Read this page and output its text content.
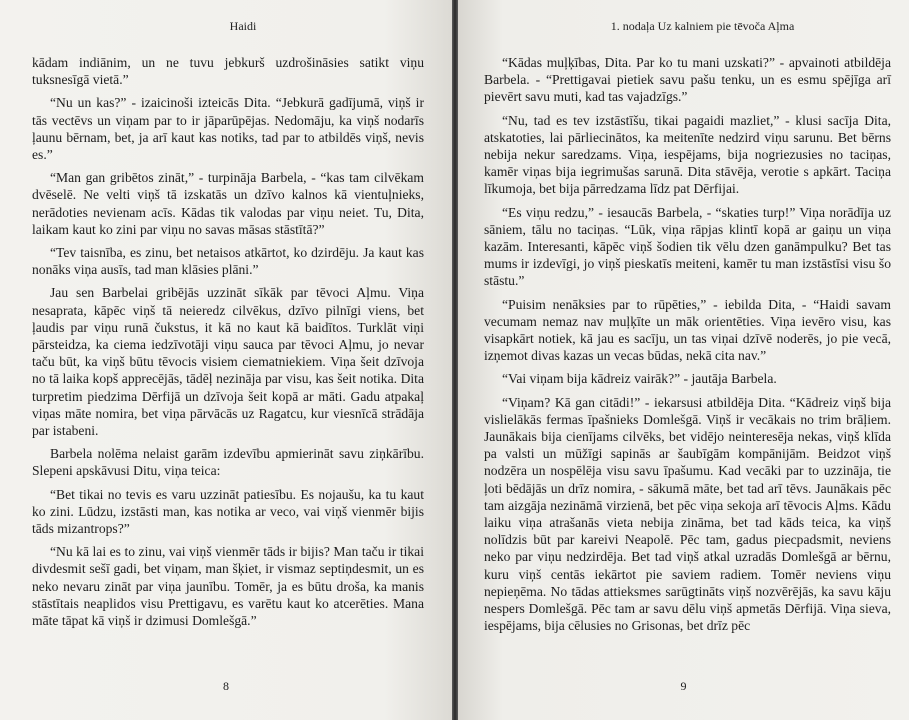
Haidi

kādam indiānim, un ne tuvu jebkurš uzdrošināsies satikt viņu tuksnesīgā vietā.”

“Nu un kas?” - izaicinoši izteicās Dita. “Jebkurā gadījumā, viņš ir tās vectēvs un viņam par to ir jāparūpējas. Nedomāju, ka viņš nodarīs ļaunu bērnam, bet, ja arī kaut kas notiks, tad par to atbildēs viņš, nevis es.”

“Man gan gribētos zināt,” - turpināja Barbela, - “kas tam cilvēkam dvēselē. Ne velti viņš tā izskatās un dzīvo kalnos kā vientuļnieks, nerādoties nevienam acīs. Kādas tik valodas par viņu neiet. Tu, Dita, laikam kaut ko zini par viņu no savas māsas stāstītā?”

“Tev taisnība, es zinu, bet netaisos atkārtot, ko dzirdēju. Ja kaut kas nonāks viņa ausīs, tad man klāsies plāni.”

Jau sen Barbelai gribējās uzzināt sīkāk par tēvoci Aļmu. Viņa nesaprata, kāpēc viņš tā neieredz cilvēkus, dzīvo pilnīgi viens, bet ļaudis par viņu runā čukstus, it kā no kaut kā baidītos. Turklāt viņi pārsteidza, ka ciema iedzīvotāji viņu sauca par tēvoci Aļmu, jo nevar taču būt, ka viņš būtu tēvocis visiem ciematniekiem. Viņa šeit dzīvoja no tā laika kopš apprecējās, tādēļ nezināja par visu, kas šeit notika. Dita turpretim piedzima Dērfijā un dzīvoja šeit kopā ar māti. Gadu atpakaļ viņas māte nomira, bet viņa pārvācās uz Ragatcu, kur viesnīcā strādāja par istabeni.

Barbela nolēma nelaist garām izdevību apmierināt savu ziņkārību. Slepeni apskāvusi Ditu, viņa teica:

“Bet tikai no tevis es varu uzzināt patiesību. Es nojaušu, ka tu kaut ko zini. Lūdzu, izstāsti man, kas notika ar veco, vai viņš vienmēr bijis tāds mizantrops?”

“Nu kā lai es to zinu, vai viņš vienmēr tāds ir bijis? Man taču ir tikai divdesmit sešī gadi, bet viņam, man šķiet, ir vismaz septiņdesmit, un es neko nevaru zināt par viņa jaunību. Tomēr, ja es būtu droša, ka manis stāstītais neaplidos visu Prettigavu, es varētu kaut ko atcerēties. Mana māte tāpat kā viņš ir dzimusi Domlešgā.”

8
1. nodaļa Uz kalniem pie tēvoča Aļma

“Kādas muļķības, Dita. Par ko tu mani uzskati?” - apvainoti atbildēja Barbela. - “Prettigavai pietiek savu pašu tenku, un es esmu spējīga arī pievērt savu muti, kad tas vajadzīgs.”

“Nu, tad es tev izstāstīšu, tikai pagaidi mazliet,” - klusi sacīja Dita, atskatoties, lai pārliecinātos, ka meitenīte nedzird viņu sarunu. Bet bērns nebija nekur saredzams. Viņa, iespējams, bija nogriezusies no taciņas, kamēr viņas bija iegrimušas sarunā. Dita stāvēja, verotie s apkārt. Taciņa līkumoja, bet bija pārredzama līdz pat Dērfijai.

“Es viņu redzu,” - iesaucās Barbela, - “skaties turp!” Viņa norādīja uz sāniem, tālu no taciņas. “Lūk, viņa rāpjas klintī kopā ar gaiņu un viņa kazām. Interesanti, kāpēc viņš šodien tik vēlu dzen ganāmpulku? Bet tas mums ir izdevīgi, jo viņš pieskatīs meiteni, kamēr tu man izstāstīsi visu šo stāstu.”

“Puisim nenāksies par to rūpēties,” - iebilda Dita, - “Haidi savam vecumam nemaz nav muļķīte un māk orientēties. Viņa ievēro visu, kas visapkārt notiek, kā jau es sacīju, un tas viņai dzīvē noderēs, jo pie vecā, izņemot divas kazas un vecas būdas, nekā cita nav.”

“Vai viņam bija kādreiz vairāk?” - jautāja Barbela.

“Viņam? Kā gan citādi!” - iekarsusi atbildēja Dita. “Kādreiz viņš bija vislielākās fermas īpašnieks Domlešgā. Viņš ir vecākais no trim brāļiem. Jaunākais bija cienījams cilvēks, bet vidējo neinteresēja nekas, viņš klīda pa valsti un mūžīgi sapinās ar šaubīgām kompānijām. Beidzot viņš nodzēra un nospēlēja visu savu īpašumu. Kad vecāki par to uzzināja, tie ļoti bēdājās un drīz nomira, - sākumā māte, bet tad arī tēvs. Jaunākais pēc tam aizgāja nezināmā virzienā, bet pēc viņa sekoja arī tēvocis Aļms. Kādu laiku viņa atrašanās vieta nebija zināma, bet tad kāds teica, ka viņš nolīdzis būt par kareivi Neapolē. Pēc tam, gadus piecpadsmit, neviens neko par viņu nedzirdēja. Bet tad viņš atkal uzradās Domlešgā ar bērnu, kuru viņš centās iekārtot pie saviem radiem. Tomēr neviens viņu nepieņēma. No tādas attieksmes sarūgtināts viņš nozvērējās, ka savu kāju nespers Domlešgā. Pēc tam ar savu dēlu viņš apmetās Dērfijā. Viņa sieva, iespējams, bija cēlusies no Grisonas, bet drīz pēc

9
